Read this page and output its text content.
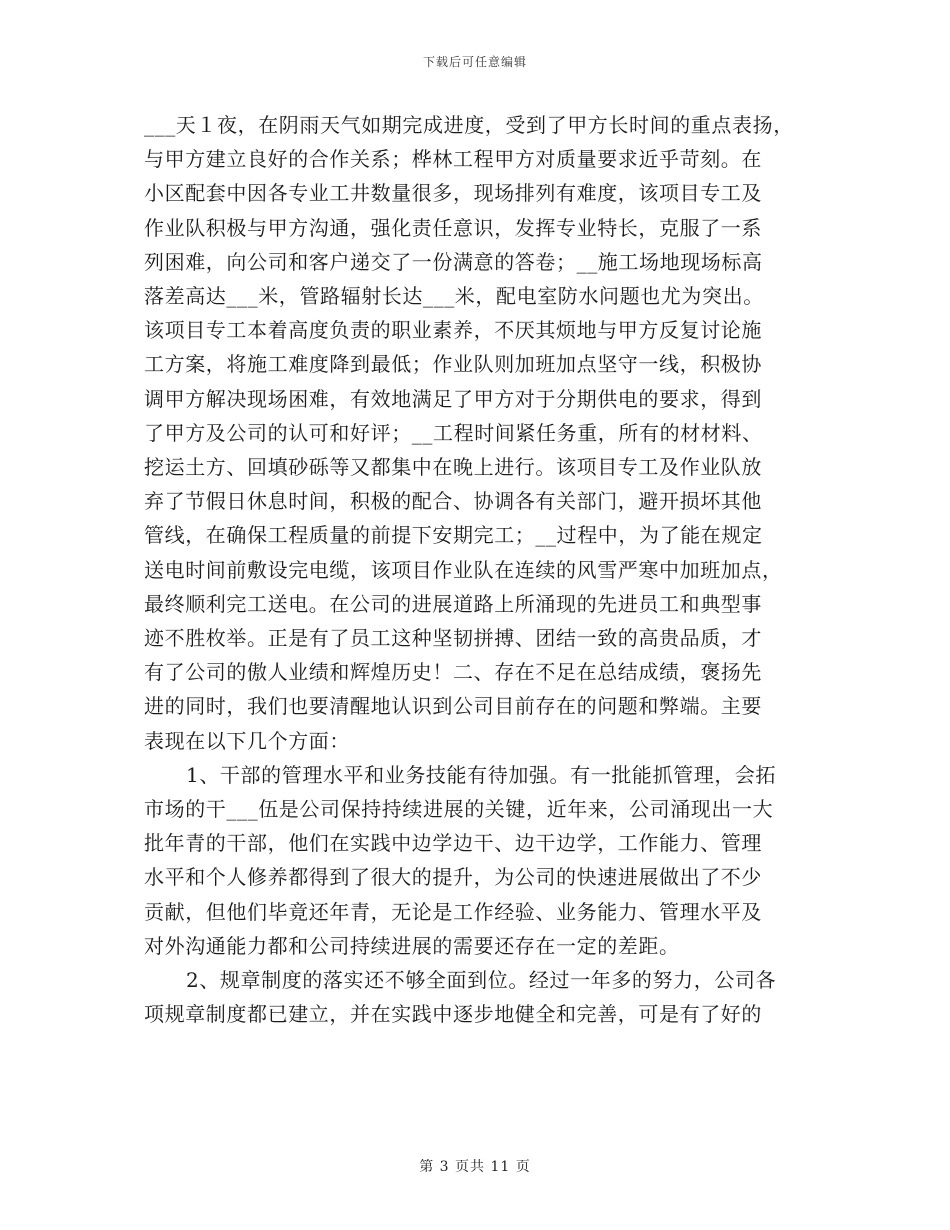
下载后可任意编辑

___天１夜，在阴雨天气如期完成进度，受到了甲方长时间的重点表扬，
与甲方建立良好的合作关系；桦林工程甲方对质量要求近乎苛刻。在
小区配套中因各专业工井数量很多，现场排列有难度，该项目专工及
作业队积极与甲方沟通，强化责任意识，发挥专业特长，克服了一系
列困难，向公司和客户递交了一份满意的答卷；__施工场地现场标高
落差高达___米，管路辐射长达___米，配电室防水问题也尤为突出。
该项目专工本着高度负责的职业素养，不厌其烦地与甲方反复讨论施
工方案，将施工难度降到最低；作业队则加班加点坚守一线，积极协
调甲方解决现场困难，有效地满足了甲方对于分期供电的要求，得到
了甲方及公司的认可和好评；__工程时间紧任务重，所有的材材料、
挖运土方、回填砂砾等又都集中在晚上进行。该项目专工及作业队放
弃了节假日休息时间，积极的配合、协调各有关部门，避开损坏其他
管线，在确保工程质量的前提下安期完工；__过程中，为了能在规定
送电时间前敷设完电缆，该项目作业队在连续的风雪严寒中加班加点，
最终顺利完工送电。在公司的进展道路上所涌现的先进员工和典型事
迹不胜枚举。正是有了员工这种坚韧拼搏、团结一致的高贵品质，才
有了公司的傲人业绩和辉煌历史！二、存在不足在总结成绩，褒扬先
进的同时，我们也要清醒地认识到公司目前存在的问题和弊端。主要
表现在以下几个方面：

1、干部的管理水平和业务技能有待加强。有一批能抓管理，会拓
市场的干___伍是公司保持持续进展的关键，近年来，公司涌现出一大
批年青的干部，他们在实践中边学边干、边干边学，工作能力、管理
水平和个人修养都得到了很大的提升，为公司的快速进展做出了不少
贡献，但他们毕竟还年青，无论是工作经验、业务能力、管理水平及
对外沟通能力都和公司持续进展的需要还存在一定的差距。

2、规章制度的落实还不够全面到位。经过一年多的努力，公司各
项规章制度都已建立，并在实践中逐步地健全和完善，可是有了好的

第 3 页共 11 页
